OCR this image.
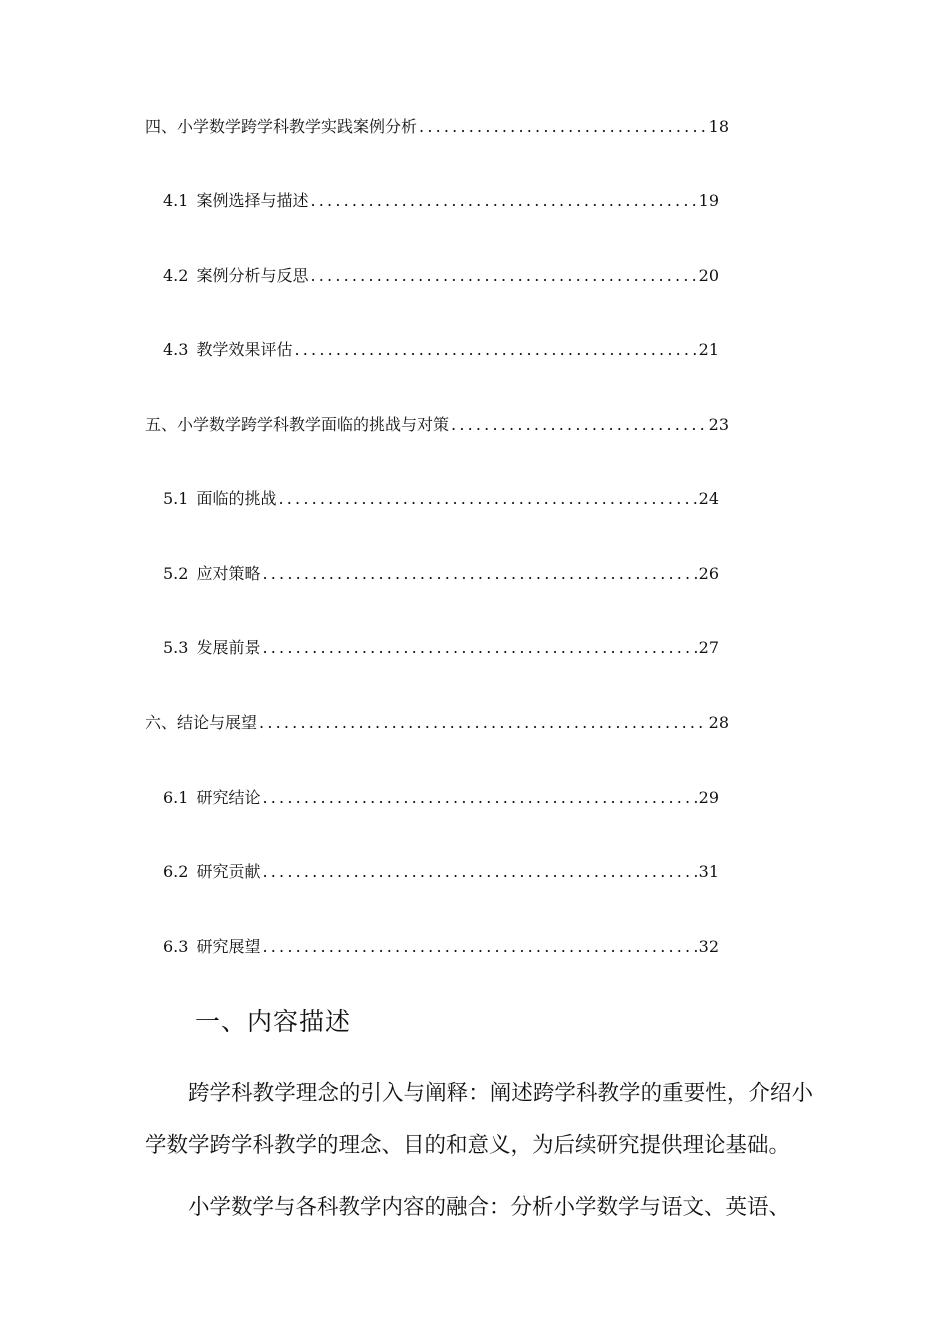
四、 小学数学跨学科教学实践案例分析 .....	18
4.1 案例选择与描述 .....	19
4.2 案例分析与反思 .....	20
4.3 教学效果评估 .....	21
五、 小学数学跨学科教学面临的挑战与对策 .....	23
5.1 面临的挑战 .....	24
5.2 应对策略 .....	26
5.3 发展前景 .....	27
六、 结论与展望 .....	28
6.1 研究结论 .....	29
6.2 研究贡献 .....	31
6.3 研究展望 .....	32
一、内容描述

跨学科教学理念的引入与阐释：阐述跨学科教学的重要性，介绍小学数学跨学科教学的理念、目的和意义，为后续研究提供理论基础。

小学数学与各科教学内容的融合：分析小学数学与语文、英语、
